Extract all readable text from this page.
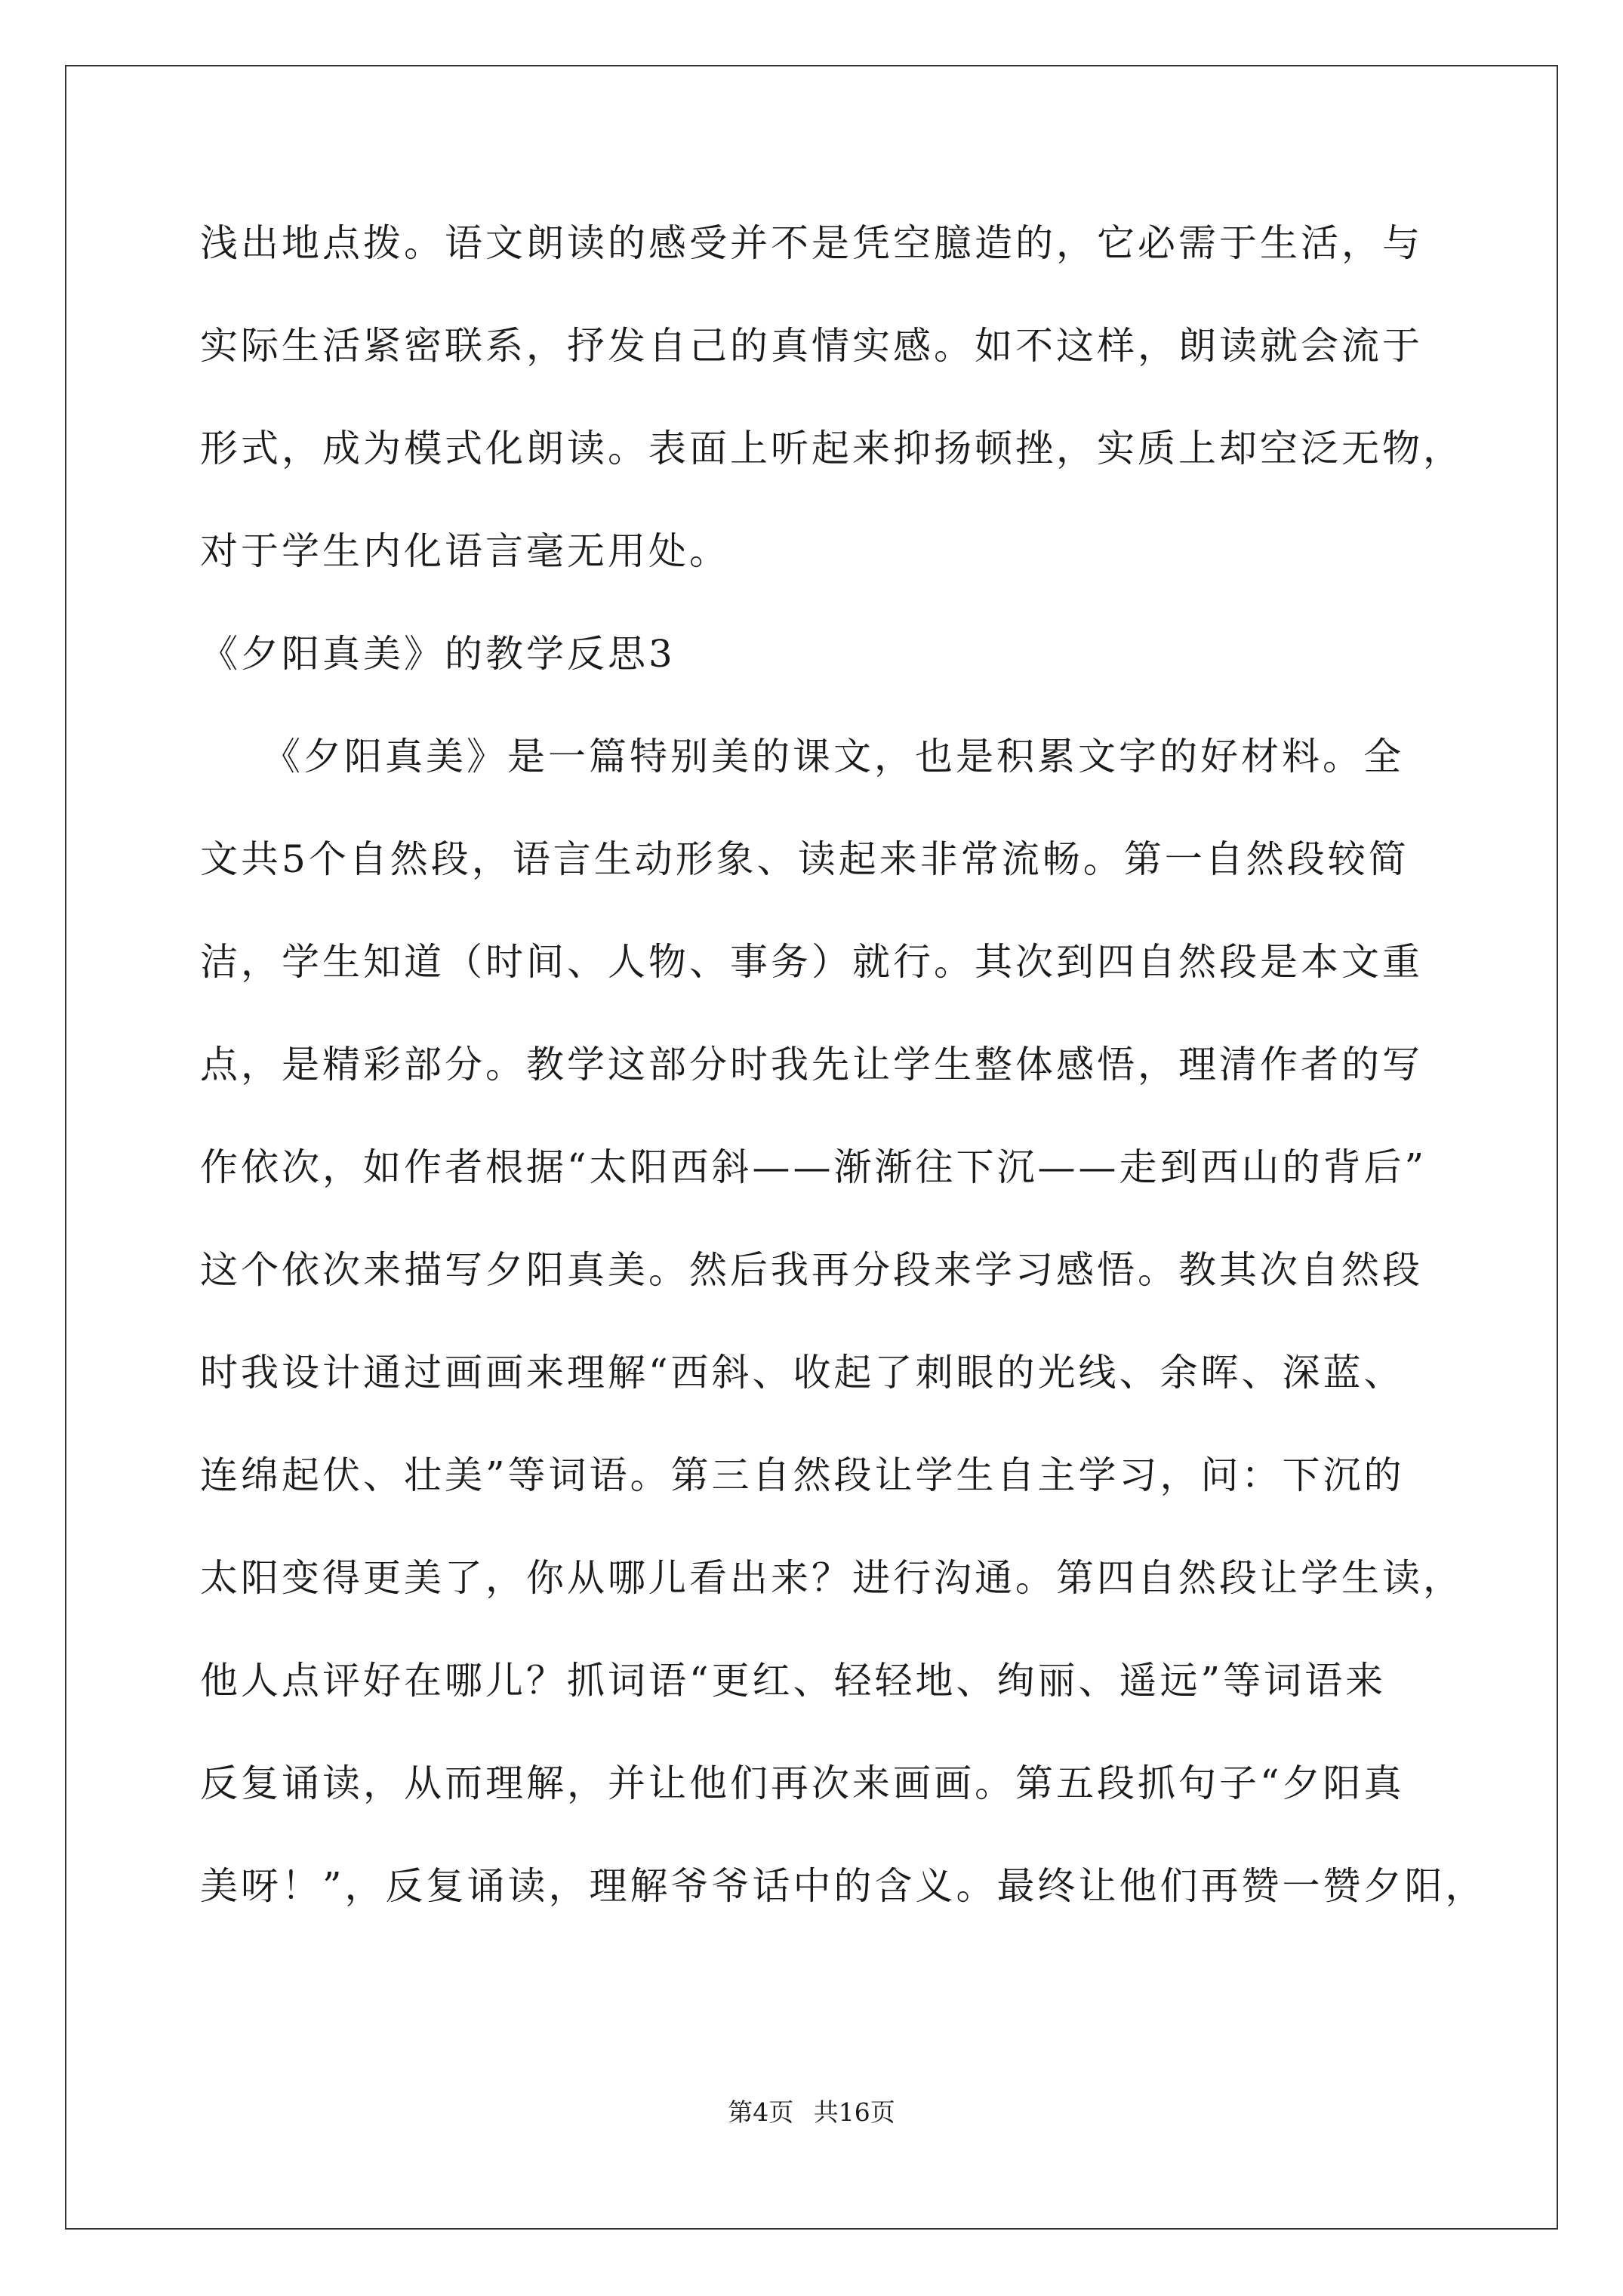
浅出地点拨。语文朗读的感受并不是凭空臆造的，它必需于生活，与
实际生活紧密联系，抒发自己的真情实感。如不这样，朗读就会流于
形式，成为模式化朗读。表面上听起来抑扬顿挫，实质上却空泛无物，
对于学生内化语言毫无用处。
《夕阳真美》的教学反思3
　　《夕阳真美》是一篇特别美的课文，也是积累文字的好材料。全
文共5个自然段，语言生动形象、读起来非常流畅。第一自然段较简
洁，学生知道（时间、人物、事务）就行。其次到四自然段是本文重
点，是精彩部分。教学这部分时我先让学生整体感悟，理清作者的写
作依次，如作者根据“太阳西斜——渐渐往下沉——走到西山的背后”
这个依次来描写夕阳真美。然后我再分段来学习感悟。教其次自然段
时我设计通过画画来理解“西斜、收起了刺眼的光线、余晖、深蓝、
连绵起伏、壮美”等词语。第三自然段让学生自主学习，问：下沉的
太阳变得更美了，你从哪儿看出来？进行沟通。第四自然段让学生读，
他人点评好在哪儿？抓词语“更红、轻轻地、绚丽、遥远”等词语来
反复诵读，从而理解，并让他们再次来画画。第五段抓句子“夕阳真
美呀！”，反复诵读，理解爷爷话中的含义。最终让他们再赞一赞夕阳，
第4页 共16页
